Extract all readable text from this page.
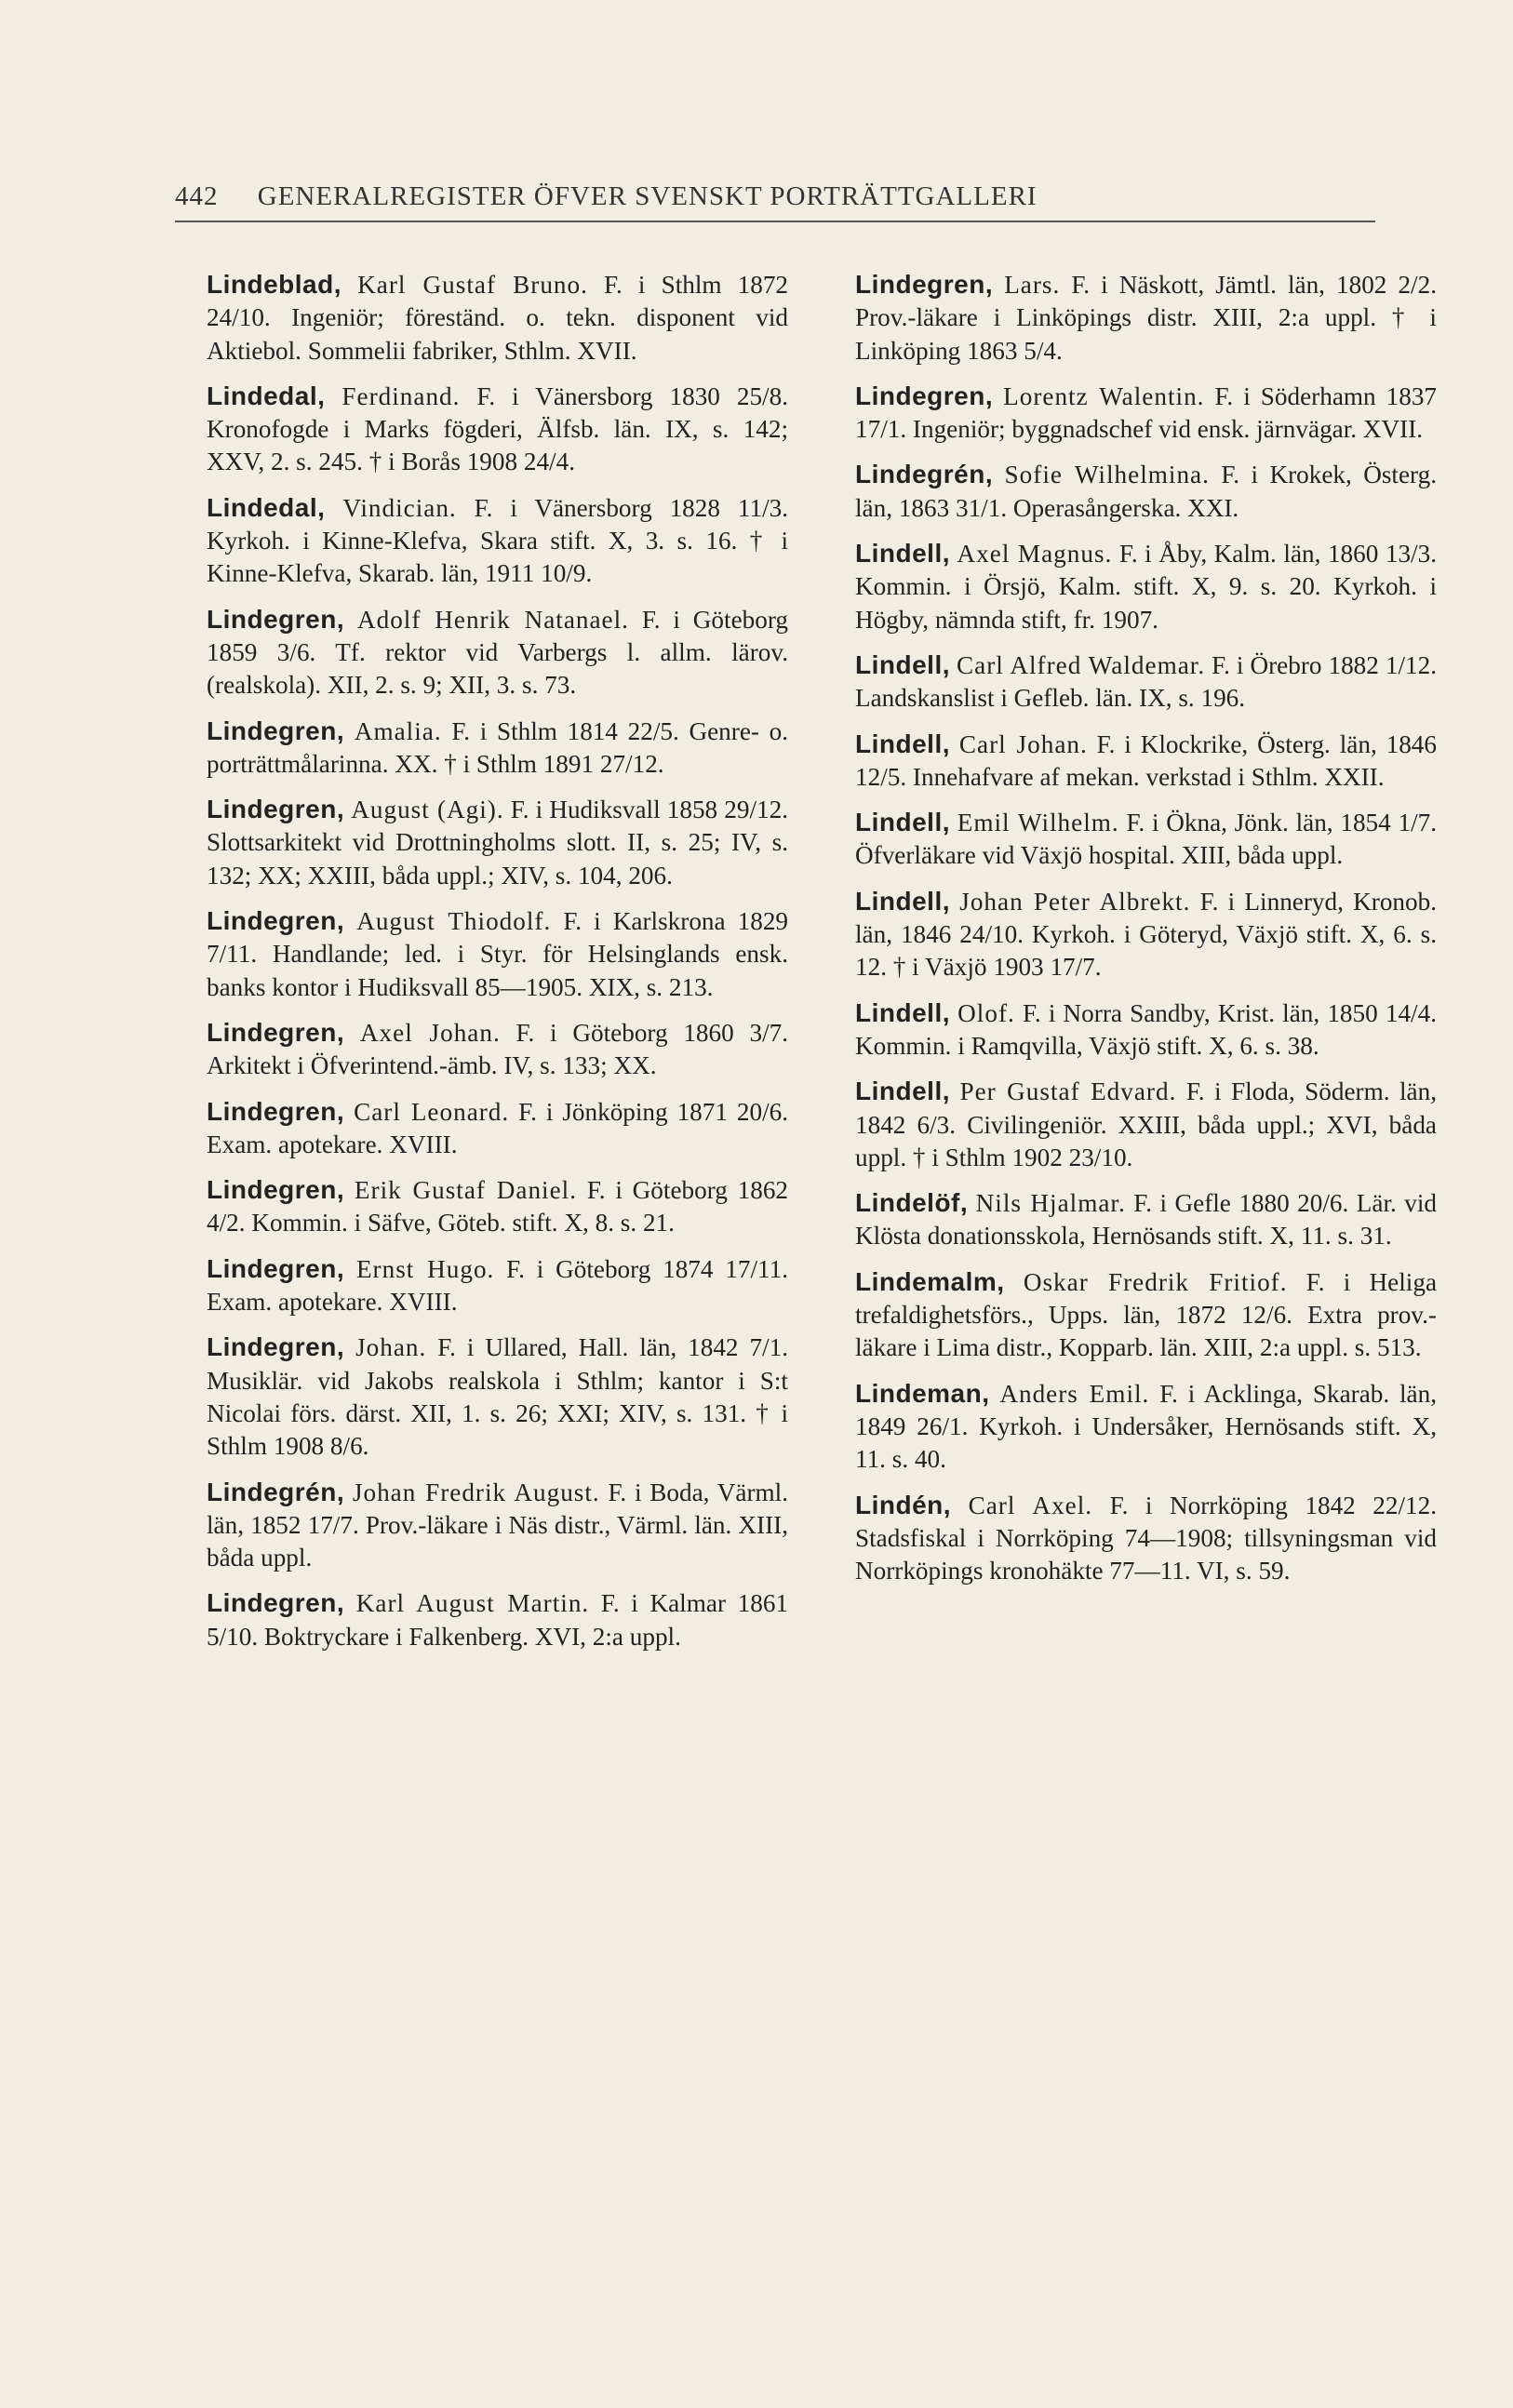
442 GENERALREGISTER ÖFVER SVENSKT PORTRÄTTGALLERI
Lindeblad, Karl Gustaf Bruno. F. i Sthlm 1872 24/10. Ingeniör; föreständ. o. tekn. disponent vid Aktiebol. Sommelii fabriker, Sthlm. XVII.
Lindedal, Ferdinand. F. i Vänersborg 1830 25/8. Kronofogde i Marks fögderi, Älfsb. län. IX, s. 142; XXV, 2. s. 245. † i Borås 1908 24/4.
Lindedal, Vindician. F. i Vänersborg 1828 11/3. Kyrkoh. i Kinne-Klefva, Skara stift. X, 3. s. 16. † i Kinne-Klefva, Skarab. län, 1911 10/9.
Lindegren, Adolf Henrik Natanael. F. i Göteborg 1859 3/6. Tf. rektor vid Varbergs l. allm. lärov. (realskola). XII, 2. s. 9; XII, 3. s. 73.
Lindegren, Amalia. F. i Sthlm 1814 22/5. Genre- o. porträttmålarinna. XX. † i Sthlm 1891 27/12.
Lindegren, August (Agi). F. i Hudiksvall 1858 29/12. Slottsarkitekt vid Drottningholms slott. II, s. 25; IV, s. 132; XX; XXIII, båda uppl.; XIV, s. 104, 206.
Lindegren, August Thiodolf. F. i Karlskrona 1829 7/11. Handlande; led. i Styr. för Helsinglands ensk. banks kontor i Hudiksvall 85—1905. XIX, s. 213.
Lindegren, Axel Johan. F. i Göteborg 1860 3/7. Arkitekt i Öfverintend.-ämb. IV, s. 133; XX.
Lindegren, Carl Leonard. F. i Jönköping 1871 20/6. Exam. apotekare. XVIII.
Lindegren, Erik Gustaf Daniel. F. i Göteborg 1862 4/2. Kommin. i Säfve, Göteb. stift. X, 8. s. 21.
Lindegren, Ernst Hugo. F. i Göteborg 1874 17/11. Exam. apotekare. XVIII.
Lindegren, Johan. F. i Ullared, Hall. län, 1842 7/1. Musiklär. vid Jakobs realskola i Sthlm; kantor i S:t Nicolai förs. därst. XII, 1. s. 26; XXI; XIV, s. 131. † i Sthlm 1908 8/6.
Lindegrén, Johan Fredrik August. F. i Boda, Värml. län, 1852 17/7. Prov.-läkare i Näs distr., Värml. län. XIII, båda uppl.
Lindegren, Karl August Martin. F. i Kalmar 1861 5/10. Boktryckare i Falkenberg. XVI, 2:a uppl.
Lindegren, Lars. F. i Näskott, Jämtl. län, 1802 2/2. Prov.-läkare i Linköpings distr. XIII, 2:a uppl. † i Linköping 1863 5/4.
Lindegren, Lorentz Walentin. F. i Söderhamn 1837 17/1. Ingeniör; byggnadschef vid ensk. järnvägar. XVII.
Lindegrén, Sofie Wilhelmina. F. i Krokek, Österg. län, 1863 31/1. Operasångerska. XXI.
Lindell, Axel Magnus. F. i Åby, Kalm. län, 1860 13/3. Kommin. i Örsjö, Kalm. stift. X, 9. s. 20. Kyrkoh. i Högby, nämnda stift, fr. 1907.
Lindell, Carl Alfred Waldemar. F. i Örebro 1882 1/12. Landskanslist i Gefleb. län. IX, s. 196.
Lindell, Carl Johan. F. i Klockrike, Österg. län, 1846 12/5. Innehafvare af mekan. verkstad i Sthlm. XXII.
Lindell, Emil Wilhelm. F. i Ökna, Jönk. län, 1854 1/7. Öfverläkare vid Växjö hospital. XIII, båda uppl.
Lindell, Johan Peter Albrekt. F. i Linneryd, Kronob. län, 1846 24/10. Kyrkoh. i Göteryd, Växjö stift. X, 6. s. 12. † i Växjö 1903 17/7.
Lindell, Olof. F. i Norra Sandby, Krist. län, 1850 14/4. Kommin. i Ramqvilla, Växjö stift. X, 6. s. 38.
Lindell, Per Gustaf Edvard. F. i Floda, Söderm. län, 1842 6/3. Civilingeniör. XXIII, båda uppl.; XVI, båda uppl. † i Sthlm 1902 23/10.
Lindelöf, Nils Hjalmar. F. i Gefle 1880 20/6. Lär. vid Klösta donationsskola, Hernösands stift. X, 11. s. 31.
Lindemalm, Oskar Fredrik Fritiof. F. i Heliga trefaldighetsförs., Upps. län, 1872 12/6. Extra prov.-läkare i Lima distr., Kopparb. län. XIII, 2:a uppl. s. 513.
Lindeman, Anders Emil. F. i Acklinga, Skarab. län, 1849 26/1. Kyrkoh. i Undersåker, Hernösands stift. X, 11. s. 40.
Lindén, Carl Axel. F. i Norrköping 1842 22/12. Stadsfiskal i Norrköping 74—1908; tillsyningsman vid Norrköpings kronohäkte 77—11. VI, s. 59.
